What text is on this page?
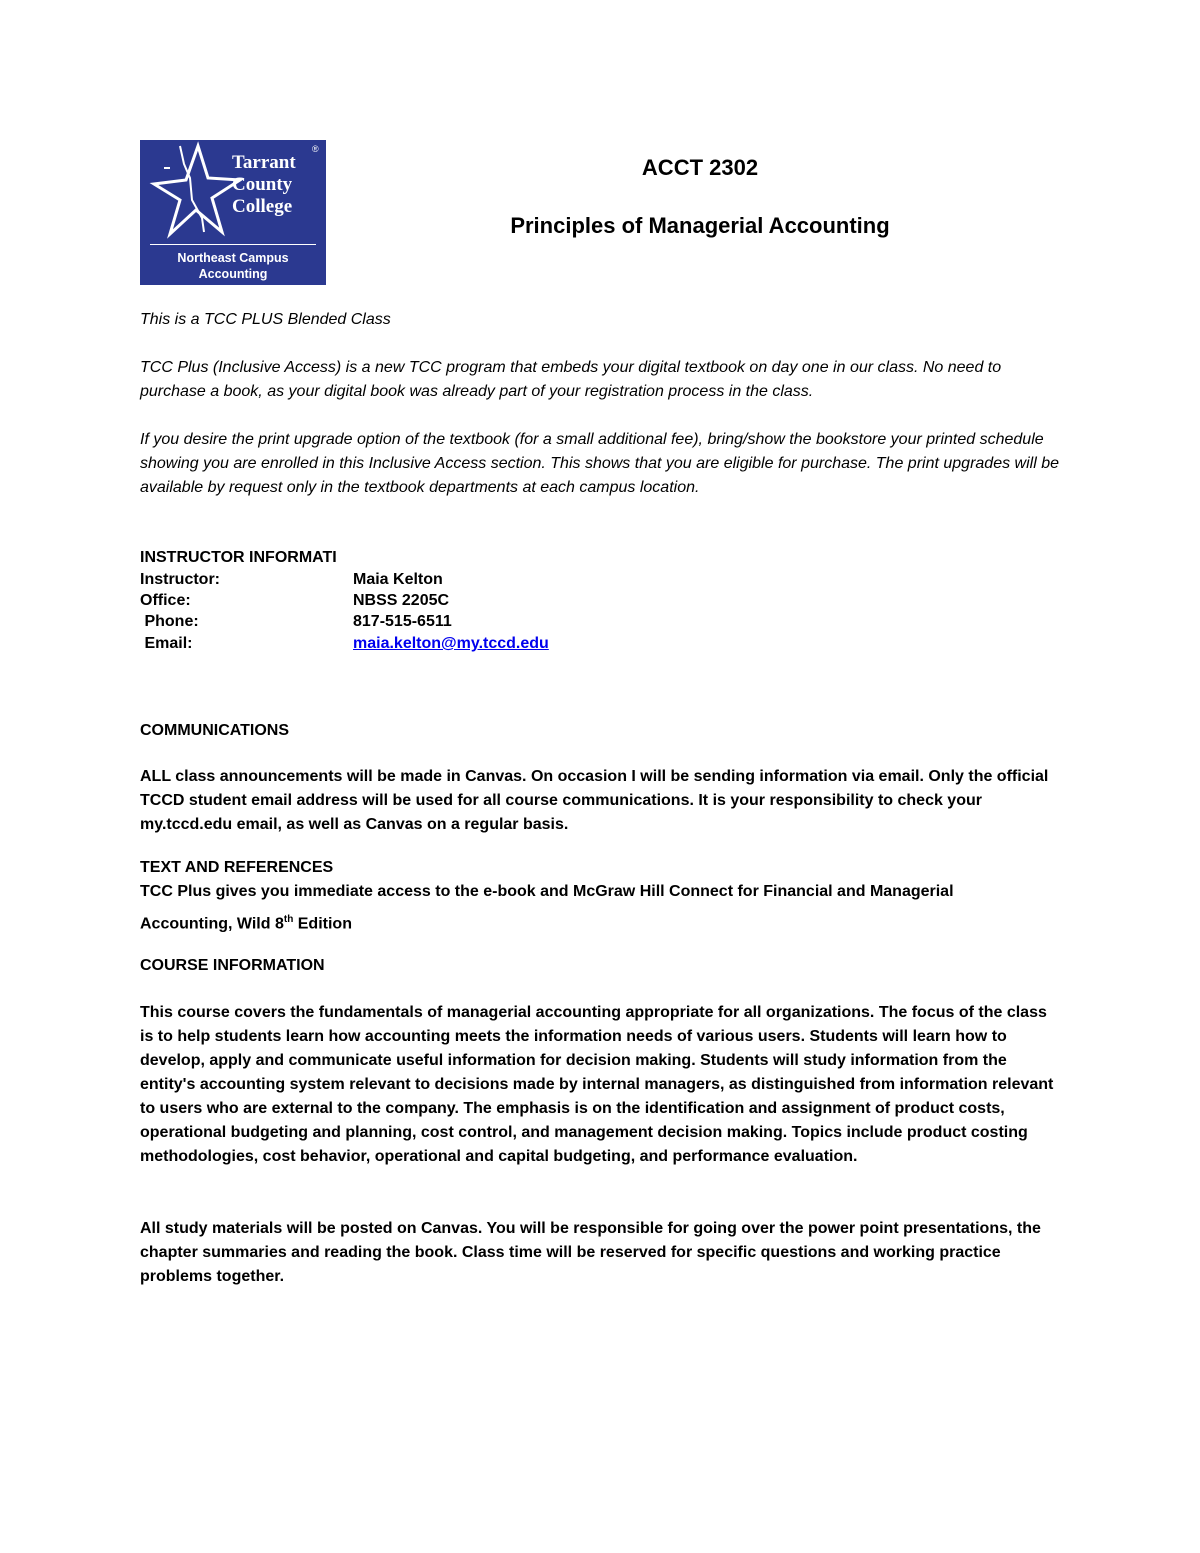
®
Tarrant
County
College
Northeast Campus
Accounting
ACCT 2302
Principles of Managerial Accounting
This is a TCC PLUS Blended Class
TCC Plus (Inclusive Access) is a new TCC program that embeds your digital textbook on day one in our class. No need to purchase a book, as your digital book was already part of your registration process in the class.
If you desire the print upgrade option of the textbook (for a small additional fee), bring/show the bookstore your printed schedule showing you are enrolled in this Inclusive Access section. This shows that you are eligible for purchase. The print upgrades will be available by request only in the textbook departments at each campus location.
INSTRUCTOR INFORMATI
Instructor:	Maia Kelton
Office:	NBSS 2205C
Phone:	817-515-6511
Email:	maia.kelton@my.tccd.edu
COMMUNICATIONS
ALL class announcements will be made in Canvas. On occasion I will be sending information via email. Only the official TCCD student email address will be used for all course communications. It is your responsibility to check your my.tccd.edu email, as well as Canvas on a regular basis.
TEXT AND REFERENCES
TCC Plus gives you immediate access to the e-book and McGraw Hill Connect for Financial and Managerial
Accounting, Wild 8th Edition
COURSE INFORMATION
This course covers the fundamentals of managerial accounting appropriate for all organizations. The focus of the class is to help students learn how accounting meets the information needs of various users. Students will learn how to develop, apply and communicate useful information for decision making. Students will study information from the entity's accounting system relevant to decisions made by internal managers, as distinguished from information relevant to users who are external to the company. The emphasis is on the identification and assignment of product costs, operational budgeting and planning, cost control, and management decision making. Topics include product costing methodologies, cost behavior, operational and capital budgeting, and performance evaluation.
All study materials will be posted on Canvas. You will be responsible for going over the power point presentations, the chapter summaries and reading the book. Class time will be reserved for specific questions and working practice problems together.
